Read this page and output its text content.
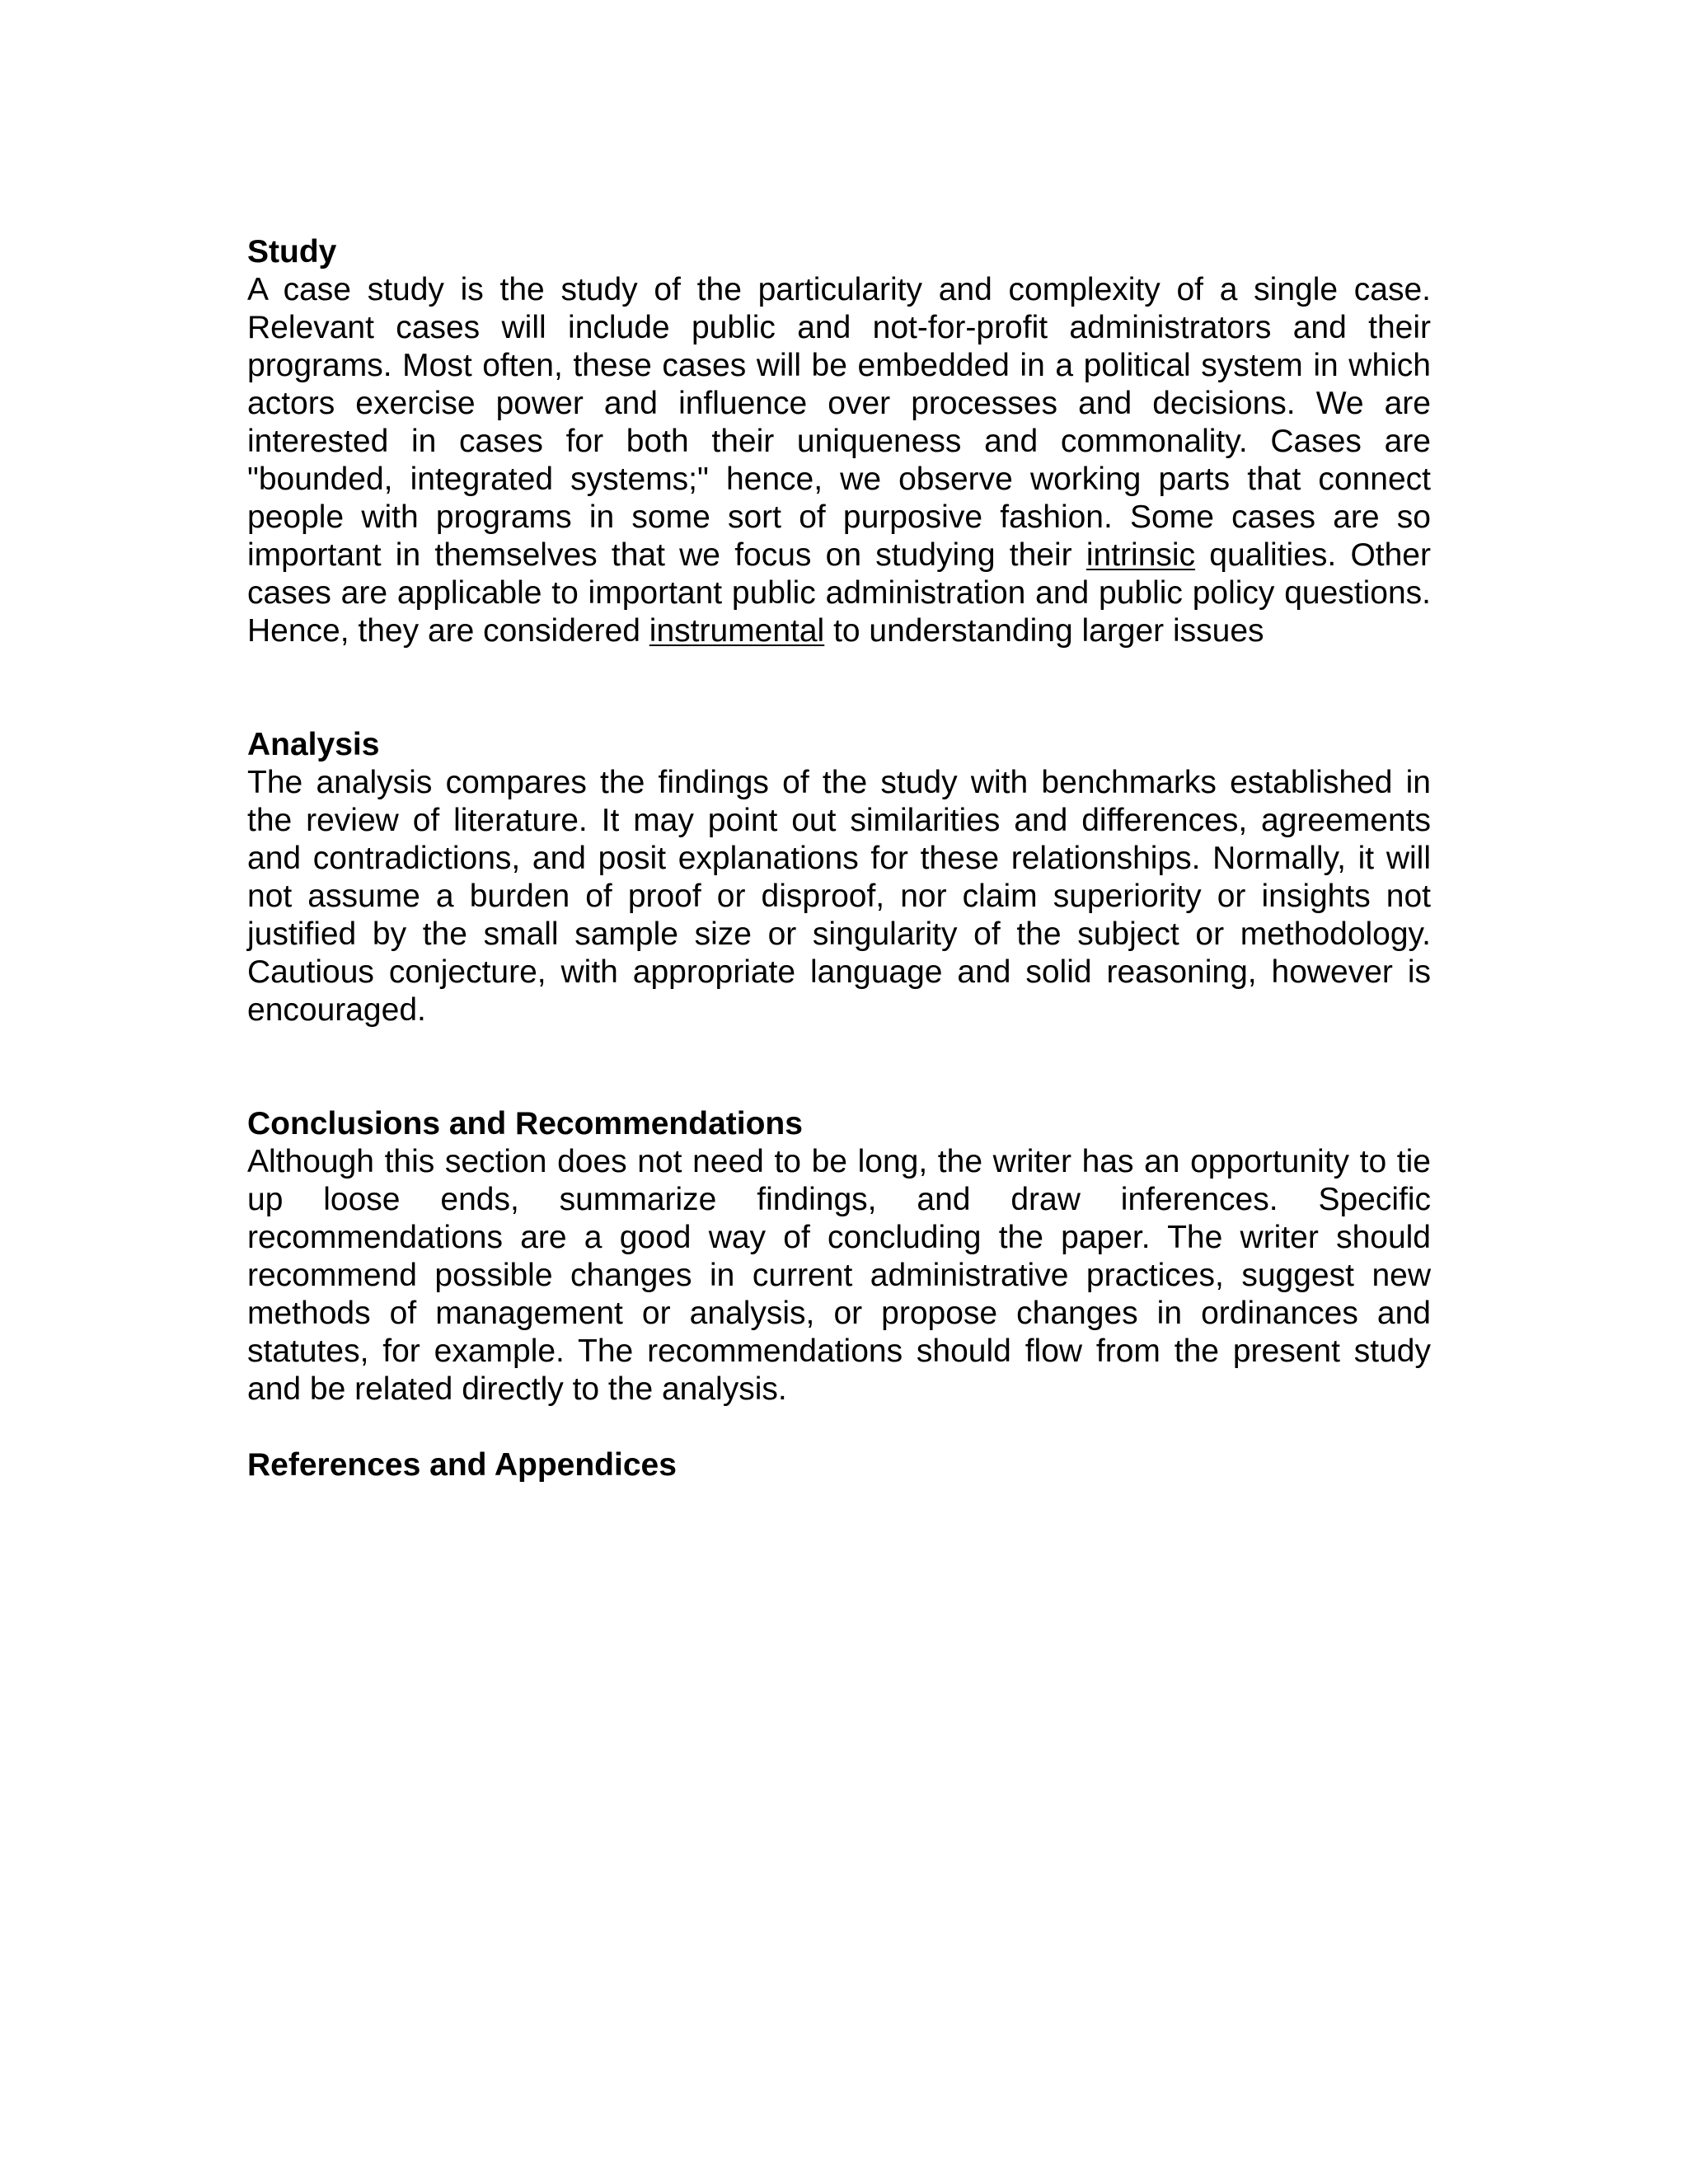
Study

A case study is the study of the particularity and complexity of a single case. Relevant cases will include public and not-for-profit administrators and their programs. Most often, these cases will be embedded in a political system in which actors exercise power and influence over processes and decisions. We are interested in cases for both their uniqueness and commonality. Cases are "bounded, integrated systems;" hence, we observe working parts that connect people with programs in some sort of purposive fashion. Some cases are so important in themselves that we focus on studying their intrinsic qualities. Other cases are applicable to important public administration and public policy questions. Hence, they are considered instrumental to understanding larger issues

Analysis

The analysis compares the findings of the study with benchmarks established in the review of literature. It may point out similarities and differences, agreements and contradictions, and posit explanations for these relationships. Normally, it will not assume a burden of proof or disproof, nor claim superiority or insights not justified by the small sample size or singularity of the subject or methodology. Cautious conjecture, with appropriate language and solid reasoning, however is encouraged.

Conclusions and Recommendations

Although this section does not need to be long, the writer has an opportunity to tie up loose ends, summarize findings, and draw inferences. Specific recommendations are a good way of concluding the paper. The writer should recommend possible changes in current administrative practices, suggest new methods of management or analysis, or propose changes in ordinances and statutes, for example. The recommendations should flow from the present study and be related directly to the analysis.

References and Appendices
